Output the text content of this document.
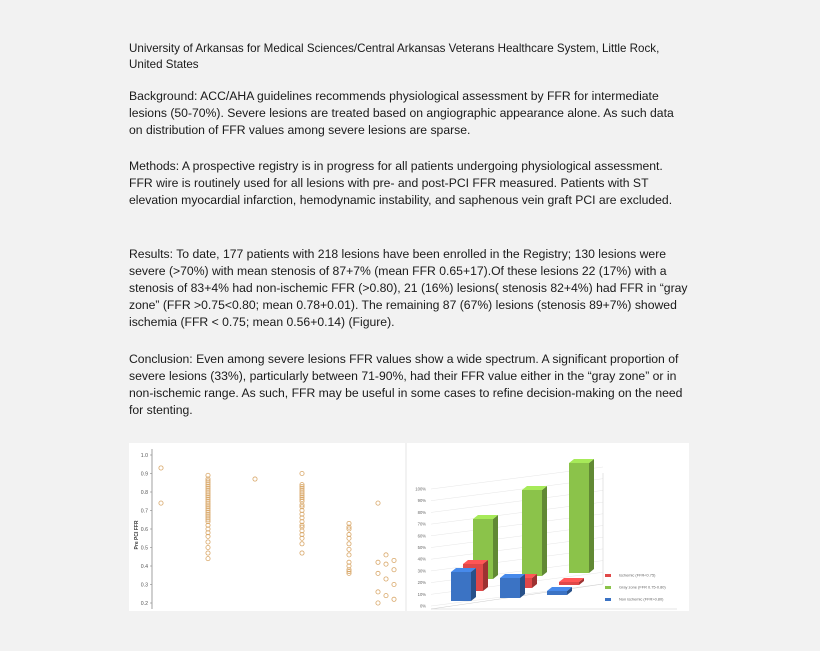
University of Arkansas for Medical Sciences/Central Arkansas Veterans Healthcare System, Little Rock, United States
Background: ACC/AHA guidelines recommends physiological assessment by FFR for intermediate lesions (50-70%). Severe lesions are treated based on angiographic appearance alone. As such data on distribution of FFR values among severe lesions are sparse.
Methods: A prospective registry is in progress for all patients undergoing physiological assessment. FFR wire is routinely used for all lesions with pre- and post-PCI FFR measured. Patients with ST elevation myocardial infarction, hemodynamic instability, and saphenous vein graft PCI are excluded.
Results: To date, 177 patients with 218 lesions have been enrolled in the Registry; 130 lesions were severe (>70%) with mean stenosis of 87+7% (mean FFR 0.65+17).Of these lesions 22 (17%) with a stenosis of 83+4% had non-ischemic FFR (>0.80), 21 (16%) lesions( stenosis 82+4%) had FFR in “gray zone” (FFR >0.75<0.80; mean 0.78+0.01). The remaining 87 (67%) lesions (stenosis 89+7%) showed ischemia (FFR < 0.75; mean 0.56+0.14) (Figure).
Conclusion: Even among severe lesions FFR values show a wide spectrum. A significant proportion of severe lesions (33%), particularly between 71-90%, had their FFR value either in the “gray zone” or in non-ischemic range. As such, FFR may be useful in some cases to refine decision-making on the need for stenting.
1.0
0.9
0.8
0.7
0.6
0.5
0.4
0.3
0.2
Pre PCI FFR
100%
90%
80%
70%
60%
50%
40%
30%
20%
10%
0%
Ischemic (FFR<0.75)
Gray zone (FFR 0.75-0.80)
Non ischemic (FFR>0.80)
